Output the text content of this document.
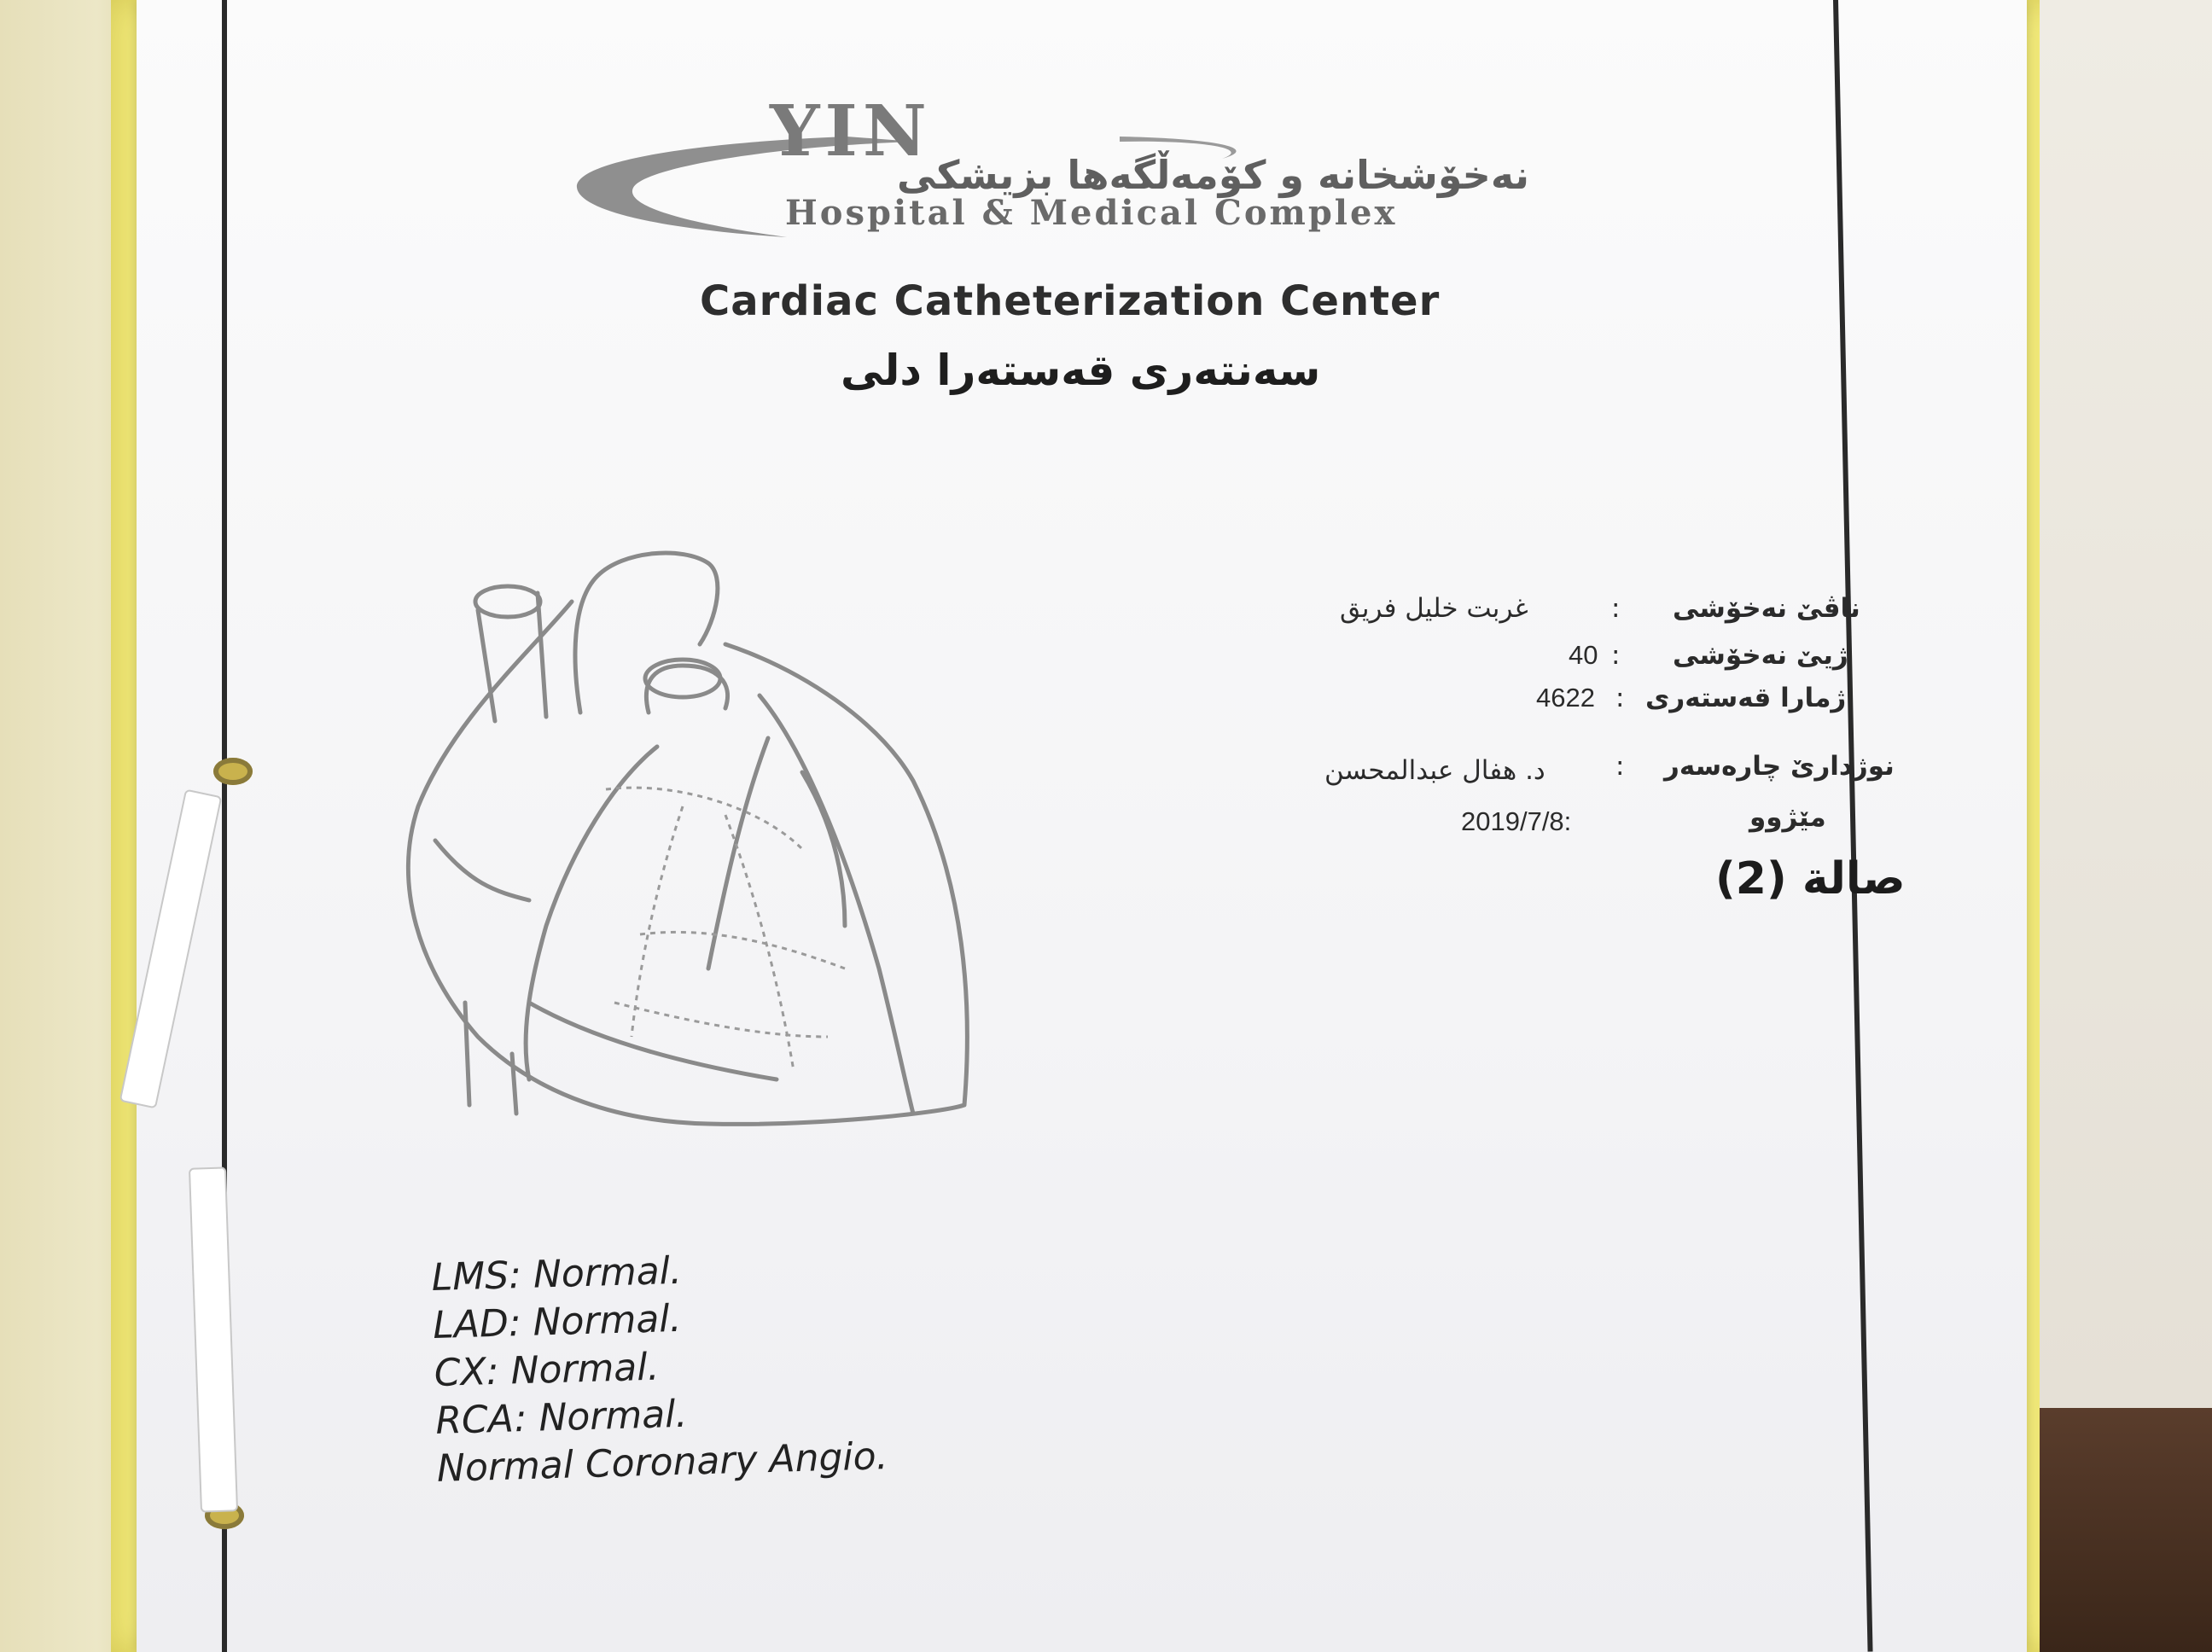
YIN
نەخۆشخانە و کۆمەڵگەها بزیشکی
Hospital & Medical Complex
Cardiac Catheterization Center
سەنتەری قەستەرا دلی
ناڤێ نەخۆشی
:
غربت خليل فريق
ژیێ نەخۆشی
:
40
ژمارا قەستەری
:
4622
نوژدارێ چارەسەر
:
د. هفال عبدالمحسن
مێژوو
2019/7/8:
صالة (2)
LMS: Normal.
LAD: Normal.
CX: Normal.
RCA: Normal.
Normal Coronary Angio.
